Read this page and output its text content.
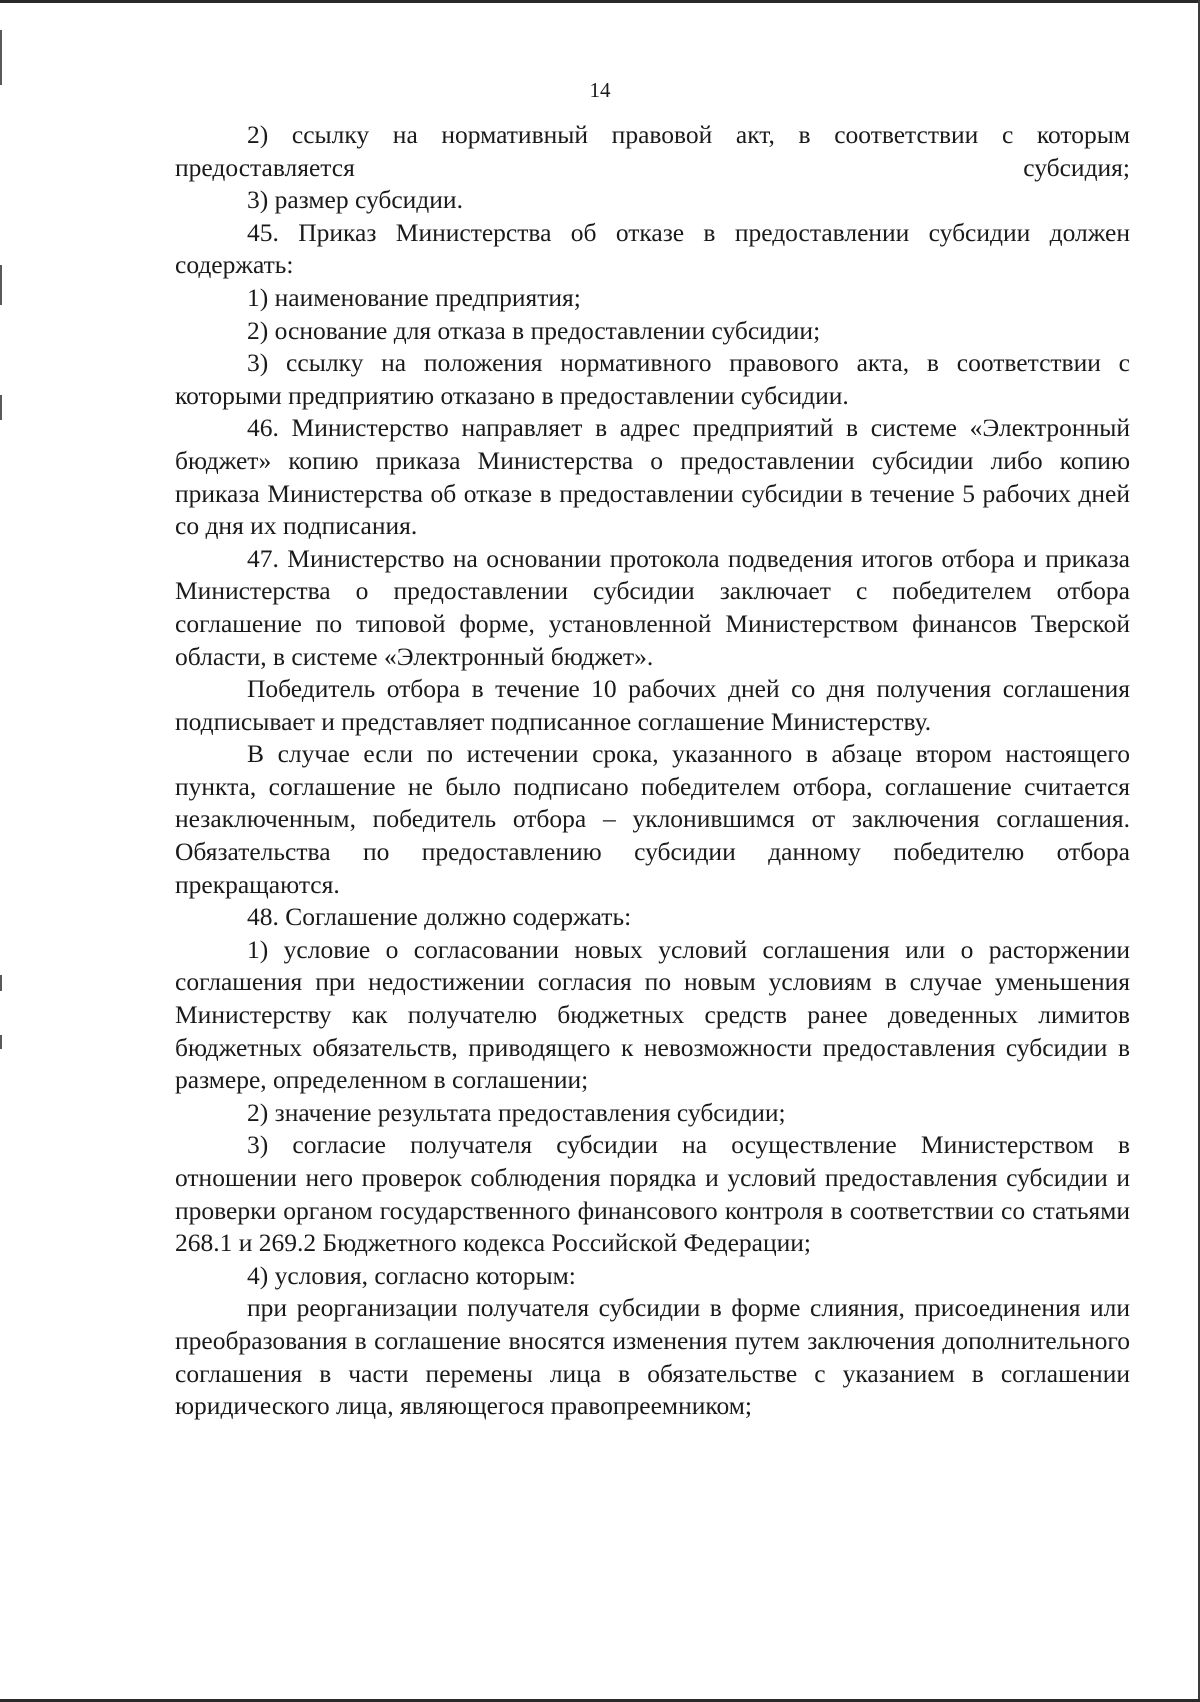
14

2) ссылку на нормативный правовой акт, в соответствии с которым предоставляется субсидия;

3) размер субсидии.

45. Приказ Министерства об отказе в предоставлении субсидии должен содержать:

1) наименование предприятия;

2) основание для отказа в предоставлении субсидии;

3) ссылку на положения нормативного правового акта, в соответствии с которыми предприятию отказано в предоставлении субсидии.

46. Министерство направляет в адрес предприятий в системе «Электронный бюджет» копию приказа Министерства о предоставлении субсидии либо копию приказа Министерства об отказе в предоставлении субсидии в течение 5 рабочих дней со дня их подписания.

47. Министерство на основании протокола подведения итогов отбора и приказа Министерства о предоставлении субсидии заключает с победителем отбора соглашение по типовой форме, установленной Министерством финансов Тверской области, в системе «Электронный бюджет».

Победитель отбора в течение 10 рабочих дней со дня получения соглашения подписывает и представляет подписанное соглашение Министерству.

В случае если по истечении срока, указанного в абзаце втором настоящего пункта, соглашение не было подписано победителем отбора, соглашение считается незаключенным, победитель отбора – уклонившимся от заключения соглашения. Обязательства по предоставлению субсидии данному победителю отбора прекращаются.

48. Соглашение должно содержать:

1) условие о согласовании новых условий соглашения или о расторжении соглашения при недостижении согласия по новым условиям в случае уменьшения Министерству как получателю бюджетных средств ранее доведенных лимитов бюджетных обязательств, приводящего к невозможности предоставления субсидии в размере, определенном в соглашении;

2) значение результата предоставления субсидии;

3) согласие получателя субсидии на осуществление Министерством в отношении него проверок соблюдения порядка и условий предоставления субсидии и проверки органом государственного финансового контроля в соответствии со статьями 268.1 и 269.2 Бюджетного кодекса Российской Федерации;

4) условия, согласно которым:

при реорганизации получателя субсидии в форме слияния, присоединения или преобразования в соглашение вносятся изменения путем заключения дополнительного соглашения в части перемены лица в обязательстве с указанием в соглашении юридического лица, являющегося правопреемником;
